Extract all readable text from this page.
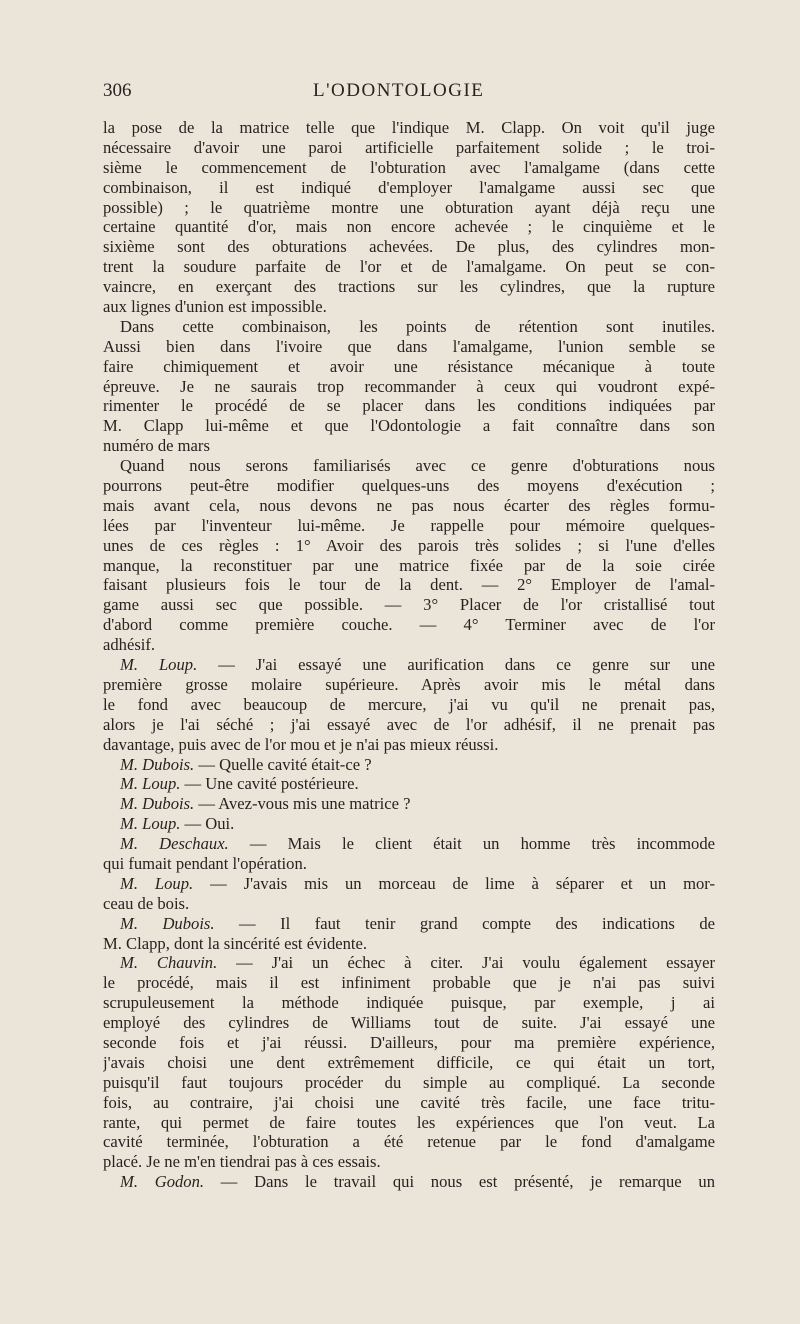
306	L'ODONTOLOGIE
la pose de la matrice telle que l'indique M. Clapp. On voit qu'il juge
nécessaire d'avoir une paroi artificielle parfaitement solide ; le troi-
sième le commencement de l'obturation avec l'amalgame (dans cette
combinaison, il est indiqué d'employer l'amalgame aussi sec que
possible) ; le quatrième montre une obturation ayant déjà reçu une
certaine quantité d'or, mais non encore achevée ; le cinquième et le
sixième sont des obturations achevées. De plus, des cylindres mon-
trent la soudure parfaite de l'or et de l'amalgame. On peut se con-
vaincre, en exerçant des tractions sur les cylindres, que la rupture
aux lignes d'union est impossible.
Dans cette combinaison, les points de rétention sont inutiles.
Aussi bien dans l'ivoire que dans l'amalgame, l'union semble se
faire chimiquement et avoir une résistance mécanique à toute
épreuve. Je ne saurais trop recommander à ceux qui voudront expé-
rimenter le procédé de se placer dans les conditions indiquées par
M. Clapp lui-même et que l'Odontologie a fait connaître dans son
numéro de mars
Quand nous serons familiarisés avec ce genre d'obturations nous
pourrons peut-être modifier quelques-uns des moyens d'exécution ;
mais avant cela, nous devons ne pas nous écarter des règles formu-
lées par l'inventeur lui-même. Je rappelle pour mémoire quelques-
unes de ces règles : 1° Avoir des parois très solides ; si l'une d'elles
manque, la reconstituer par une matrice fixée par de la soie cirée
faisant plusieurs fois le tour de la dent. — 2° Employer de l'amal-
game aussi sec que possible. — 3° Placer de l'or cristallisé tout
d'abord comme première couche. — 4° Terminer avec de l'or
adhésif.
M. Loup. — J'ai essayé une aurification dans ce genre sur une
première grosse molaire supérieure. Après avoir mis le métal dans
le fond avec beaucoup de mercure, j'ai vu qu'il ne prenait pas,
alors je l'ai séché ; j'ai essayé avec de l'or adhésif, il ne prenait pas
davantage, puis avec de l'or mou et je n'ai pas mieux réussi.
M. Dubois. — Quelle cavité était-ce ?
M. Loup. — Une cavité postérieure.
M. Dubois. — Avez-vous mis une matrice ?
M. Loup. — Oui.
M. Deschaux. — Mais le client était un homme très incommode
qui fumait pendant l'opération.
M. Loup. — J'avais mis un morceau de lime à séparer et un mor-
ceau de bois.
M. Dubois. — Il faut tenir grand compte des indications de
M. Clapp, dont la sincérité est évidente.
M. Chauvin. — J'ai un échec à citer. J'ai voulu également essayer
le procédé, mais il est infiniment probable que je n'ai pas suivi
scrupuleusement la méthode indiquée puisque, par exemple, j ai
employé des cylindres de Williams tout de suite. J'ai essayé une
seconde fois et j'ai réussi. D'ailleurs, pour ma première expérience,
j'avais choisi une dent extrêmement difficile, ce qui était un tort,
puisqu'il faut toujours procéder du simple au compliqué. La seconde
fois, au contraire, j'ai choisi une cavité très facile, une face tritu-
rante, qui permet de faire toutes les expériences que l'on veut. La
cavité terminée, l'obturation a été retenue par le fond d'amalgame
placé. Je ne m'en tiendrai pas à ces essais.
M. Godon. — Dans le travail qui nous est présenté, je remarque un
